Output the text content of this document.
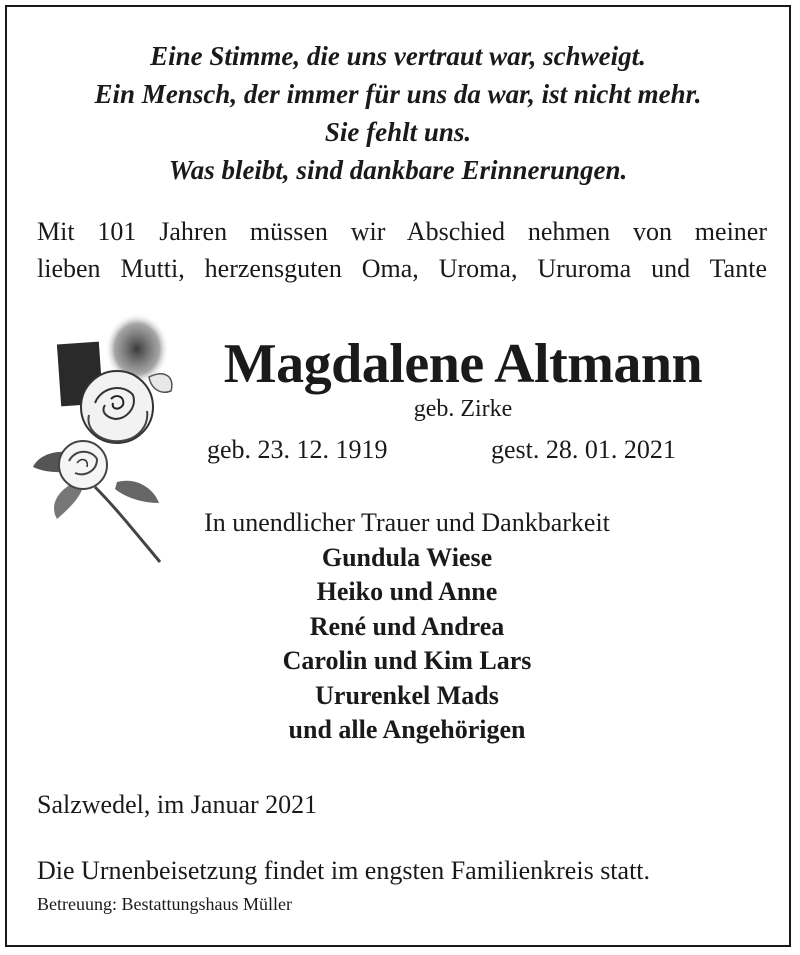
Eine Stimme, die uns vertraut war, schweigt.
Ein Mensch, der immer für uns da war, ist nicht mehr.
Sie fehlt uns.
Was bleibt, sind dankbare Erinnerungen.
Mit 101 Jahren müssen wir Abschied nehmen von meiner
lieben Mutti, herzensguten Oma, Uroma, Ururoma und Tante
Magdalene Altmann
geb. Zirke
geb. 23. 12. 1919	gest. 28. 01. 2021
In unendlicher Trauer und Dankbarkeit
Gundula Wiese
Heiko und Anne
René und Andrea
Carolin und Kim Lars
Ururenkel Mads
und alle Angehörigen
Salzwedel, im Januar 2021
Die Urnenbeisetzung findet im engsten Familienkreis statt.
Betreuung: Bestattungshaus Müller
